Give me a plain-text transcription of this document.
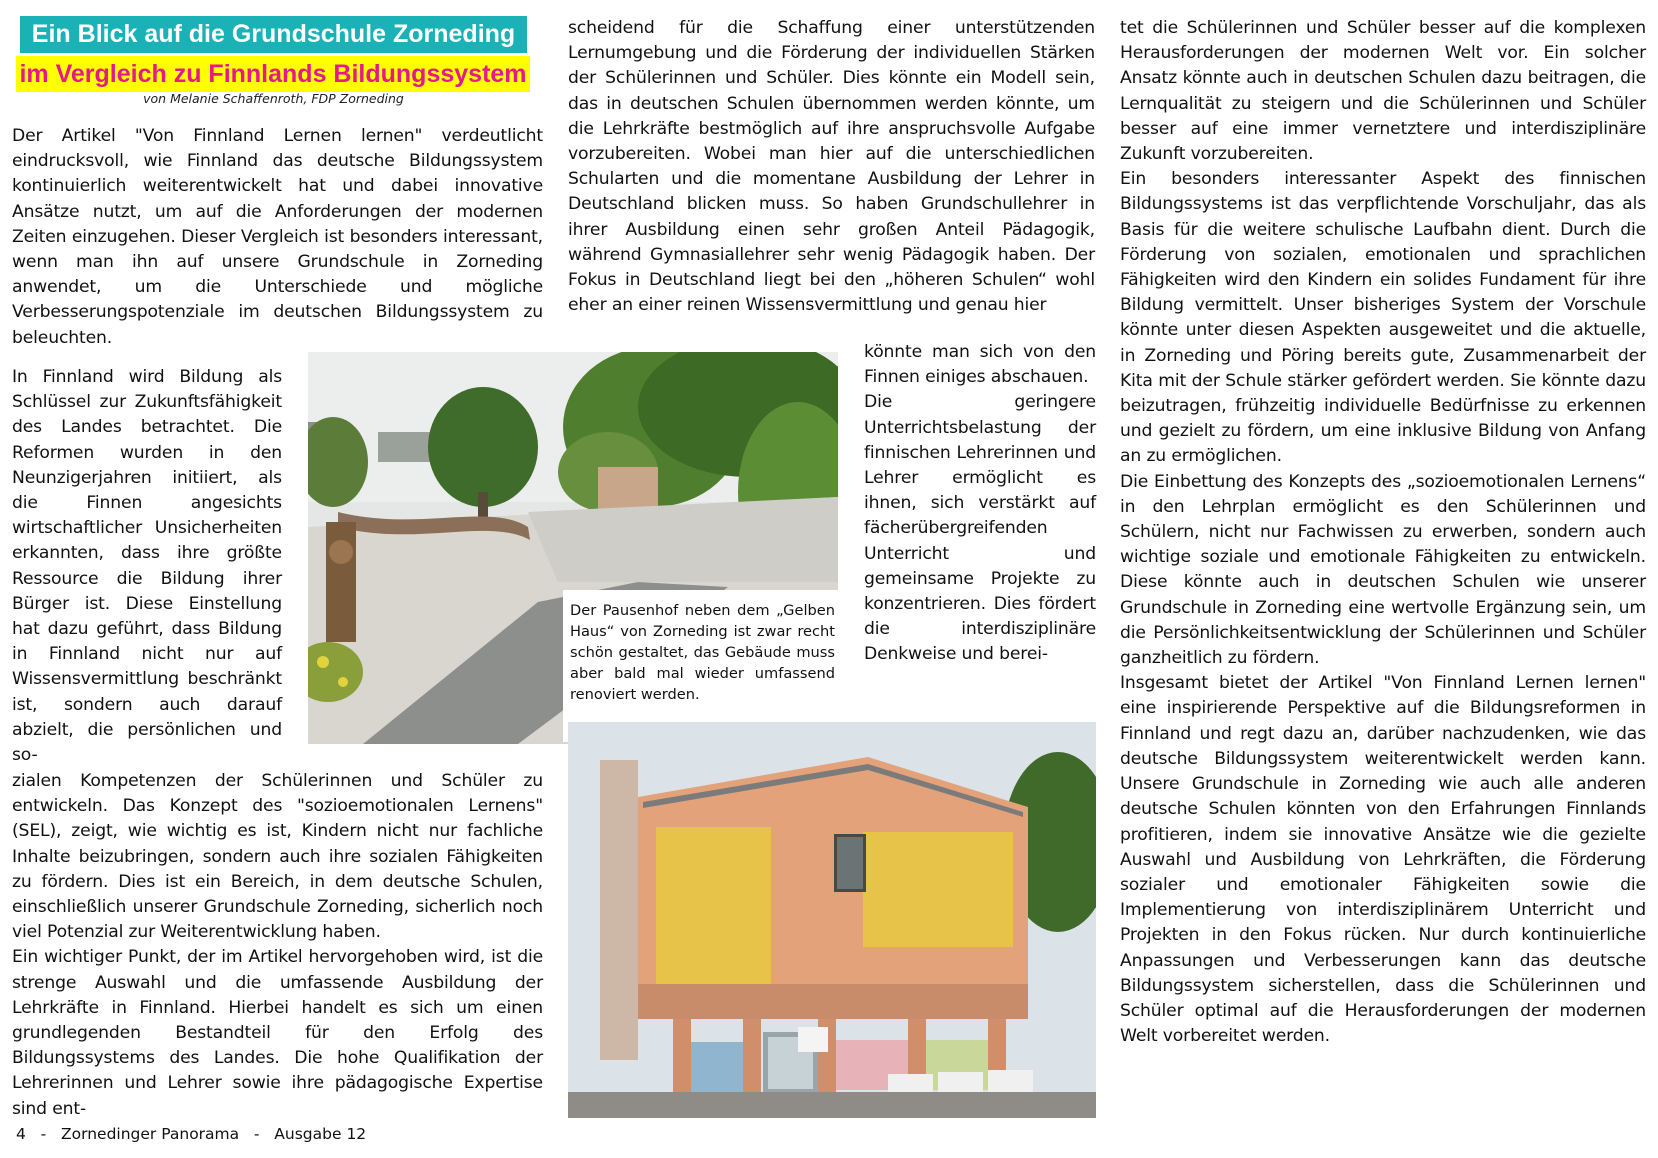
Ein Blick auf die Grundschule Zorneding
im Vergleich zu Finnlands Bildungssystem
von Melanie Schaffenroth, FDP Zorneding

Der Artikel "Von Finnland Lernen lernen" verdeutlicht eindrucksvoll, wie Finnland das deutsche Bildungssystem kontinuierlich weiterentwickelt hat und dabei innovative Ansätze nutzt, um auf die Anforderungen der modernen Zeiten einzugehen. Dieser Vergleich ist besonders interessant, wenn man ihn auf unsere Grundschule in Zorneding anwendet, um die Unterschiede und mögliche Verbesserungspotenziale im deutschen Bildungssystem zu beleuchten.

In Finnland wird Bildung als Schlüssel zur Zukunftsfähigkeit des Landes betrachtet. Die Reformen wurden in den Neunzigerjahren initiiert, als die Finnen angesichts wirtschaftlicher Unsicherheiten erkannten, dass ihre größte Ressource die Bildung ihrer Bürger ist. Diese Einstellung hat dazu geführt, dass Bildung in Finnland nicht nur auf Wissensvermittlung beschränkt ist, sondern auch darauf abzielt, die persönlichen und so-

zialen Kompetenzen der Schülerinnen und Schüler zu entwickeln. Das Konzept des "sozioemotionalen Lernens" (SEL), zeigt, wie wichtig es ist, Kindern nicht nur fachliche Inhalte beizubringen, sondern auch ihre sozialen Fähigkeiten zu fördern. Dies ist ein Bereich, in dem deutsche Schulen, einschließlich unserer Grundschule Zorneding, sicherlich noch viel Potenzial zur Weiterentwicklung haben.

Ein wichtiger Punkt, der im Artikel hervorgehoben wird, ist die strenge Auswahl und die umfassende Ausbildung der Lehrkräfte in Finnland. Hierbei handelt es sich um einen grundlegenden Bestandteil für den Erfolg des Bildungssystems des Landes. Die hohe Qualifikation der Lehrerinnen und Lehrer sowie ihre pädagogische Expertise sind ent-

scheidend für die Schaffung einer unterstützenden Lernumgebung und die Förderung der individuellen Stärken der Schülerinnen und Schüler. Dies könnte ein Modell sein, das in deutschen Schulen übernommen werden könnte, um die Lehrkräfte bestmöglich auf ihre anspruchsvolle Aufgabe vorzubereiten. Wobei man hier auf die unterschiedlichen Schularten und die momentane Ausbildung der Lehrer in Deutschland blicken muss. So haben Grundschullehrer in ihrer Ausbildung einen sehr großen Anteil Pädagogik, während Gymnasiallehrer sehr wenig Pädagogik haben. Der Fokus in Deutschland liegt bei den „höheren Schulen“ wohl eher an einer reinen Wissensvermittlung und genau hier

könnte man sich von den Finnen einiges abschauen.

Die geringere Unterrichtsbelastung der finnischen Lehrerinnen und Lehrer ermöglicht es ihnen, sich verstärkt auf fächerübergreifenden Unterricht und gemeinsame Projekte zu konzentrieren. Dies fördert die interdisziplinäre Denkweise und berei-

tet die Schülerinnen und Schüler besser auf die komplexen Herausforderungen der modernen Welt vor. Ein solcher Ansatz könnte auch in deutschen Schulen dazu beitragen, die Lernqualität zu steigern und die Schülerinnen und Schüler besser auf eine immer vernetztere und interdisziplinäre Zukunft vorzubereiten.

Ein besonders interessanter Aspekt des finnischen Bildungssystems ist das verpflichtende Vorschuljahr, das als Basis für die weitere schulische Laufbahn dient. Durch die Förderung von sozialen, emotionalen und sprachlichen Fähigkeiten wird den Kindern ein solides Fundament für ihre Bildung vermittelt. Unser bisheriges System der Vorschule könnte unter diesen Aspekten ausgeweitet und die aktuelle, in Zorneding und Pöring bereits gute, Zusammenarbeit der Kita mit der Schule stärker gefördert werden. Sie könnte dazu beizutragen, frühzeitig individuelle Bedürfnisse zu erkennen und gezielt zu fördern, um eine inklusive Bildung von Anfang an zu ermöglichen.

Die Einbettung des Konzepts des „sozioemotionalen Lernens“ in den Lehrplan ermöglicht es den Schülerinnen und Schülern, nicht nur Fachwissen zu erwerben, sondern auch wichtige soziale und emotionale Fähigkeiten zu entwickeln. Diese könnte auch in deutschen Schulen wie unserer Grundschule in Zorneding eine wertvolle Ergänzung sein, um die Persönlichkeitsentwicklung der Schülerinnen und Schüler ganzheitlich zu fördern.

Insgesamt bietet der Artikel "Von Finnland Lernen lernen" eine inspirierende Perspektive auf die Bildungsreformen in Finnland und regt dazu an, darüber nachzudenken, wie das deutsche Bildungssystem weiterentwickelt werden kann. Unsere Grundschule in Zorneding wie auch alle anderen deutsche Schulen könnten von den Erfahrungen Finnlands profitieren, indem sie innovative Ansätze wie die gezielte Auswahl und Ausbildung von Lehrkräften, die Förderung sozialer und emotionaler Fähigkeiten sowie die Implementierung von interdisziplinärem Unterricht und Projekten in den Fokus rücken. Nur durch kontinuierliche Anpassungen und Verbesserungen kann das deutsche Bildungssystem sicherstellen, dass die Schülerinnen und Schüler optimal auf die Herausforderungen der modernen Welt vorbereitet werden.

Der Pausenhof neben dem „Gelben Haus“ von Zorneding ist zwar recht schön gestaltet, das Gebäude muss aber bald mal wieder umfassend renoviert werden.
4   -   Zornedinger Panorama   -   Ausgabe 12
